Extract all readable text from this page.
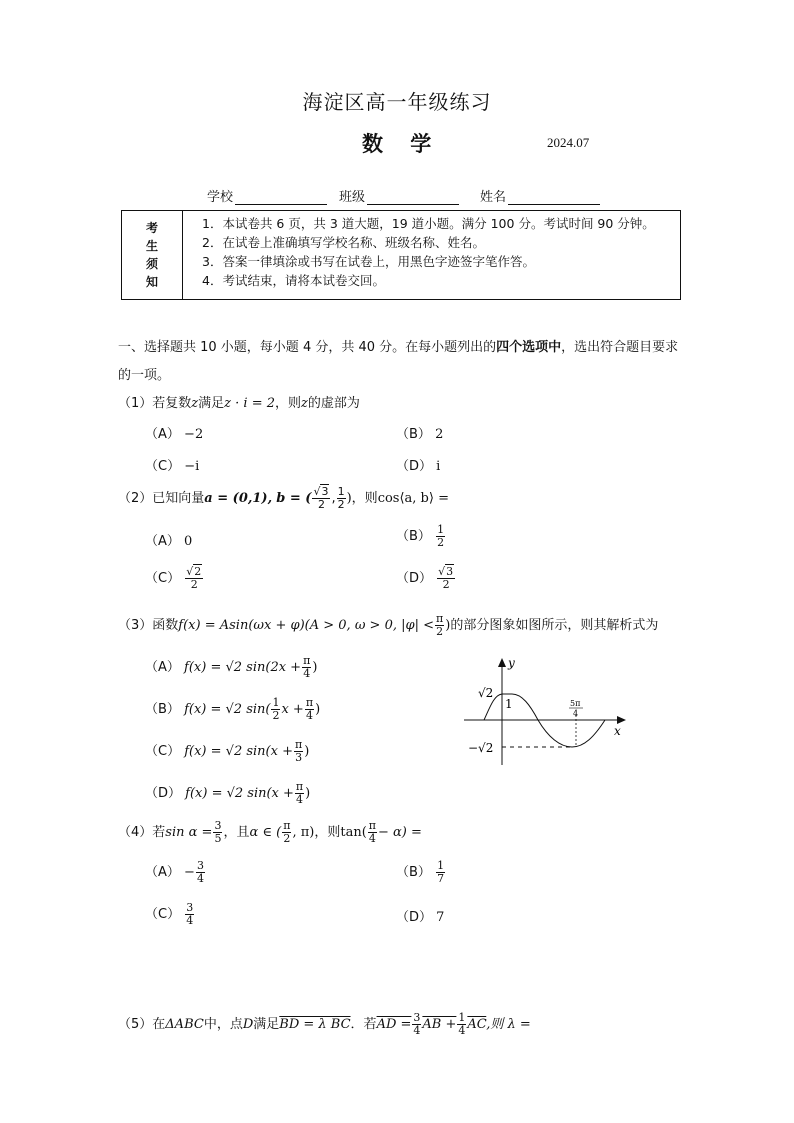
海淀区高一年级练习
数 学	2024.07
学校	班级	姓名
考
生
须
知

1．本试卷共 6 页，共 3 道大题，19 道小题。满分 100 分。考试时间 90 分钟。

2．在试卷上准确填写学校名称、班级名称、姓名。

3．答案一律填涂或书写在试卷上，用黑色字迹签字笔作答。

4．考试结束，请将本试卷交回。

一、选择题共 10 小题，每小题 4 分，共 40 分。在每小题列出的四个选项中，选出符合题目要求的一项。
（1）若复数z满足z · i = 2，则z的虚部为
（A） −2	（B） 2
（C） −i	（D） i
（2）已知向量a = (0,1), b = ( $\frac{√3}{2}$ , $\frac{1}{2}$ )，则cos⟨a, b⟩ =
（A） 0	$(B) \frac{1}{2}$
$(C) \frac{√2}{2}$	$(D) \frac{√3}{2}$
（3）函数f(x) = Asin(ωx + φ)(A > 0, ω > 0, $|\varphi| < \frac{\pi}{2}$ )的部分图象如图所示，则其解析式为
（A） f(x) = √2 $\sin(2x + \frac{\pi}{4}$ )
（B） f(x) = √2 $\sin( \frac{1}{2}$ $x + \frac{\pi}{4}$ )
（C） f(x) = √2 $\sin(x + \frac{\pi}{3}$ )
（D） f(x) = √2 $\sin(x + \frac{\pi}{4}$ )
y
x
√2
−√2
1	5π
4
（4）若$\sin \alpha = \frac{3}{5}$ ，且α ∈ ( $\frac{\pi}{2}$ , π)，则$\tan( \frac{\pi}{4} - \alpha)$ =
$(A) - \frac{3}{4}$	$(B) \frac{1}{7}$
$(C) \frac{3}{4}$	（D） 7
（5）在ΔABC中，点D满足BD = λ BC．若AD = $\frac{3}{4}$ AB + $\frac{1}{4} \overline{AC}$,则 λ =
